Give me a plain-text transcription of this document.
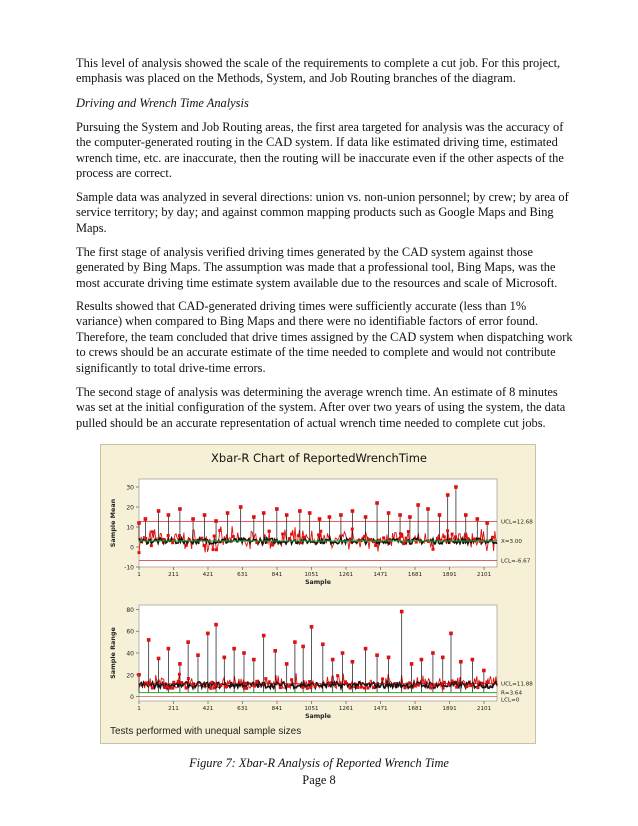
This level of analysis showed the scale of the requirements to complete a cut job. For this project, emphasis was placed on the Methods, System, and Job Routing branches of the diagram.

Driving and Wrench Time Analysis

Pursuing the System and Job Routing areas, the first area targeted for analysis was the accuracy of the computer-generated routing in the CAD system. If data like estimated driving time, estimated wrench time, etc. are inaccurate, then the routing will be inaccurate even if the other aspects of the process are correct.

Sample data was analyzed in several directions: union vs. non-union personnel; by crew; by area of service territory; by day; and against common mapping products such as Google Maps and Bing Maps.

The first stage of analysis verified driving times generated by the CAD system against those generated by Bing Maps. The assumption was made that a professional tool, Bing Maps, was the most accurate driving time estimate system available due to the resources and scale of Microsoft.

Results showed that CAD-generated driving times were sufficiently accurate (less than 1% variance) when compared to Bing Maps and there were no identifiable factors of error found. Therefore, the team concluded that drive times assigned by the CAD system when dispatching work to crews should be an accurate estimate of the time needed to complete and would not contribute significantly to total drive-time errors.

The second stage of analysis was determining the average wrench time. An estimate of 8 minutes was set at the initial configuration of the system. After over two years of using the system, the data pulled should be an accurate representation of actual wrench time needed to complete cut jobs.

Xbar-R Chart of ReportedWrenchTime
-10
0
10
20
30
1	211	421	631	841	1051	1261	1471	1681	1891	2101
Sample
Sample Mean	UCL=12.68
X=3.00
LCL=-6.67
0
20
40
60
80
1	211	421	631	841	1051	1261	1471	1681	1891	2101
Sample
Sample Range
UCL=11.88
R=3.64
LCL=0
Tests performed with unequal sample sizes
Figure 7: Xbar-R Analysis of Reported Wrench Time
Page 8
